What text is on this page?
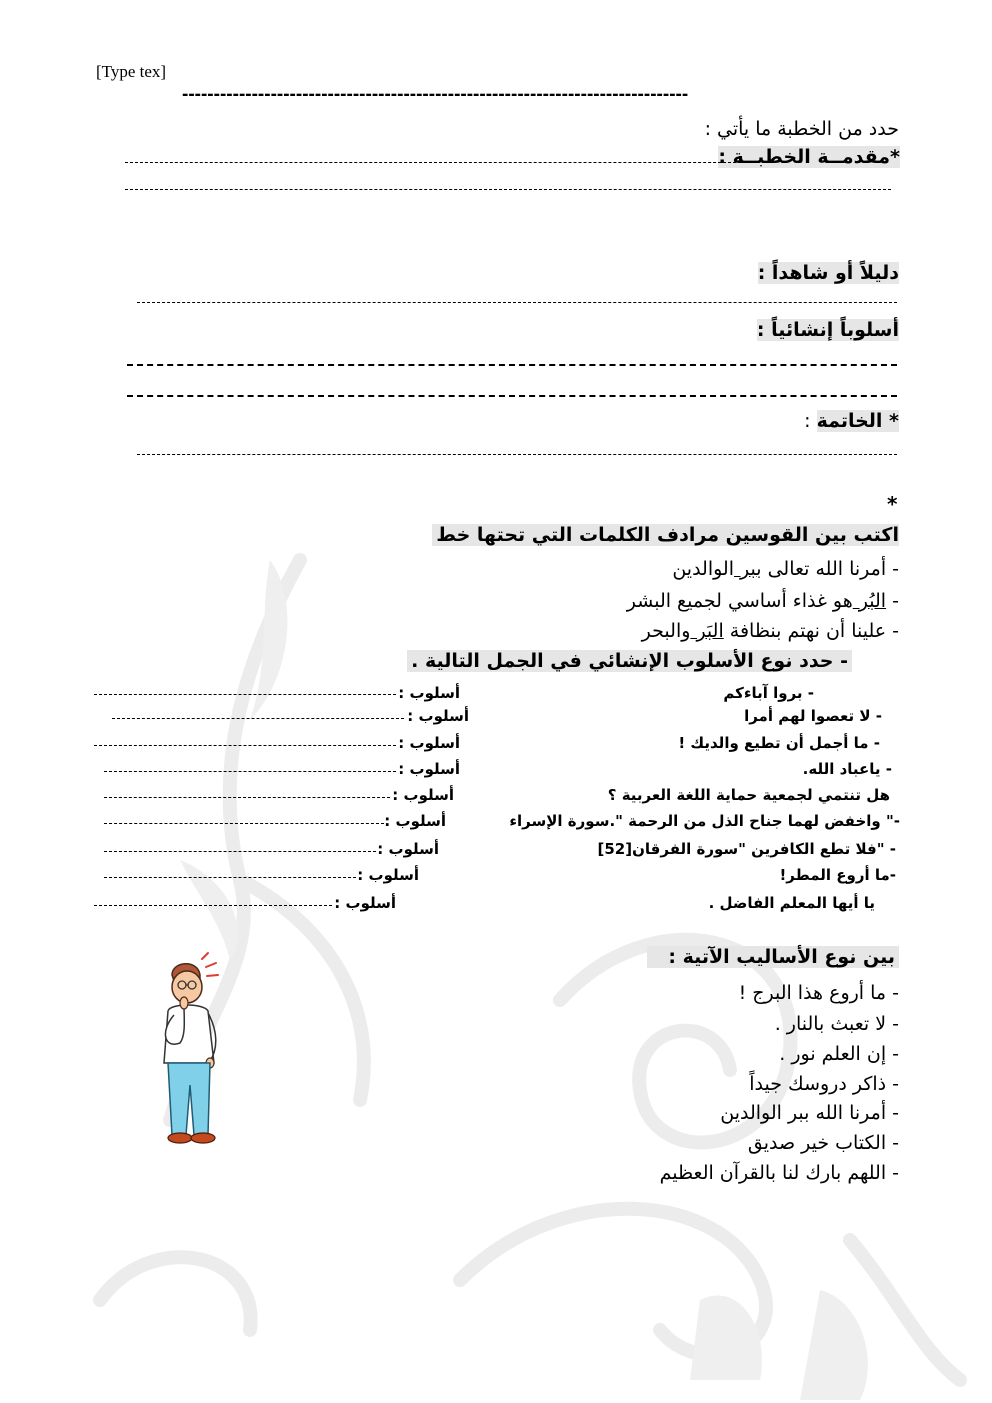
[Type tex]
--------------------------------------------------------------------------------
حدد من الخطبة ما يأتي :
*مقدمــة الخطبــة :
دليلاً أو شاهداً :
أسلوباً إنشائياً :
* الخاتمة :
*
اكتب بين القوسين مرادف الكلمات التي تحتها خط
- أمرنا الله تعالى ببر الوالدين
- البُر هو غذاء أساسي لجميع البشر
- علينا أن نهتم بنظافة البَر والبحر
- حدد نوع الأسلوب الإنشائي في الجمل التالية .
- بروا آباءكم
أسلوب :
- لا تعصوا لهم أمرا
أسلوب :
- ما أجمل أن تطيع والديك !
أسلوب :
- ياعباد الله.
أسلوب :
هل تنتمي لجمعية حماية اللغة العربية ؟
أسلوب :
-" واخفض لهما جناح الذل من الرحمة ".سورة الإسراء
أسلوب :
- "فلا تطع الكافرين "سورة الفرقان[52]
أسلوب :
-ما أروع المطر!
أسلوب :
يا أيها المعلم الفاضل .
أسلوب :
بين نوع الأساليب الآتية :
- ما أروع هذا البرج !
- لا تعبث بالنار .
- إن العلم نور .
- ذاكر دروسك جيداً
- أمرنا الله ببر الوالدين
- الكتاب خير صديق
- اللهم بارك لنا بالقرآن العظيم
